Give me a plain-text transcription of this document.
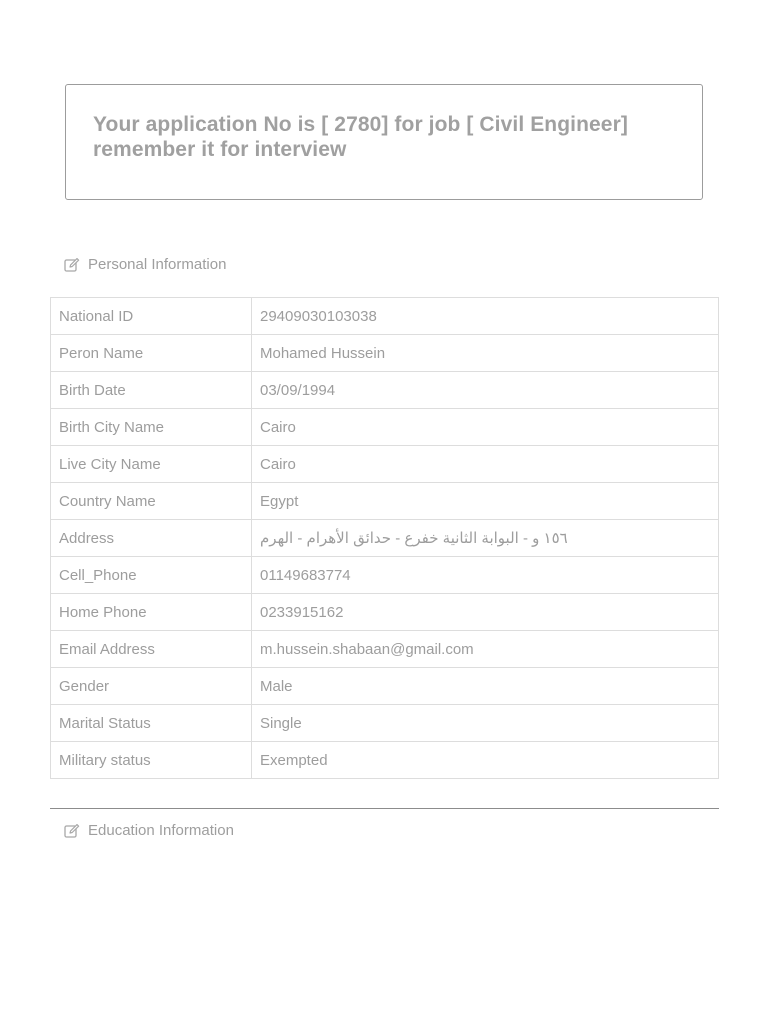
Your application No is [ 2780] for job [ Civil Engineer]
remember it for interview

Personal Information
National ID	29409030103038
Peron Name	Mohamed Hussein
Birth Date	03/09/1994
Birth City Name	Cairo
Live City Name	Cairo
Country Name	Egypt
Address	١٥٦ و - البوابة الثانية خفرع - حدائق الأهرام - الهرم
Cell_Phone	01149683774
Home Phone	0233915162
Email Address	m.hussein.shabaan@gmail.com
Gender	Male
Marital Status	Single
Military status	Exempted
Education Information
